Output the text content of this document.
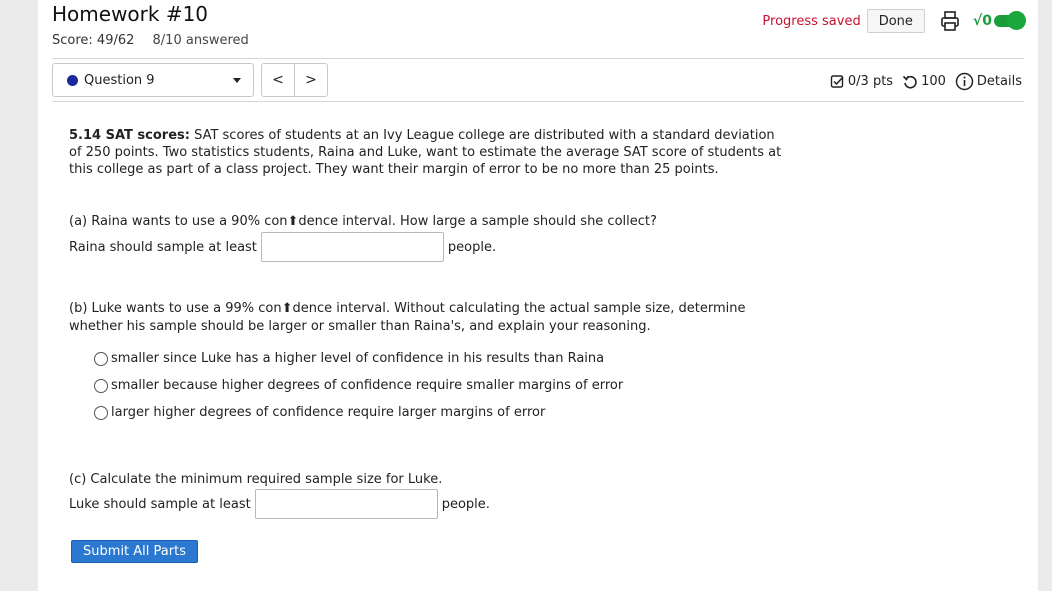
Homework #10
Score: 49/62 8/10 answered
Progress saved	Done	√0
Question 9	<	>	0/3 pts 100 Details
5.14 SAT scores: SAT scores of students at an Ivy League college are distributed with a standard deviation of 250 points. Two statistics students, Raina and Luke, want to estimate the average SAT score of students at this college as part of a class project. They want their margin of error to be no more than 25 points.
(a) Raina wants to use a 90% con⬆dence interval. How large a sample should she collect?
Raina should sample at least	people.
(b) Luke wants to use a 99% con⬆dence interval. Without calculating the actual sample size, determine whether his sample should be larger or smaller than Raina's, and explain your reasoning.
smaller since Luke has a higher level of confidence in his results than Raina
smaller because higher degrees of confidence require smaller margins of error
larger higher degrees of confidence require larger margins of error
(c) Calculate the minimum required sample size for Luke.
Luke should sample at least	people.
Submit All Parts
